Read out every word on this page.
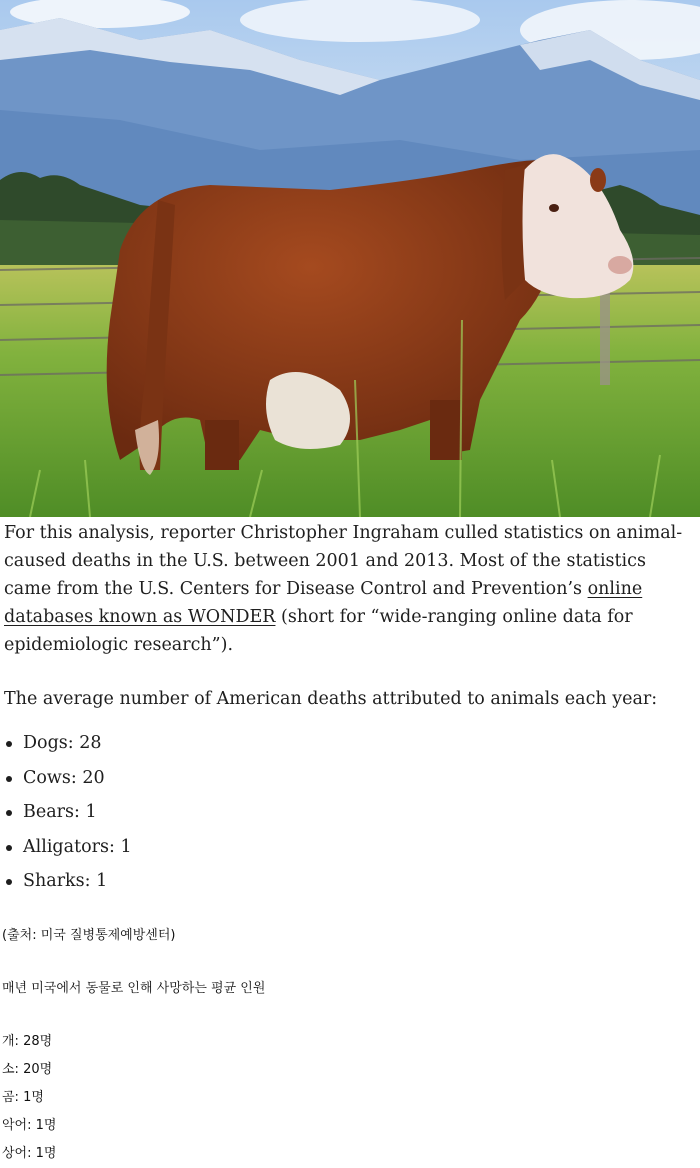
For this analysis, reporter Christopher Ingraham culled statistics on animal-caused deaths in the U.S. between 2001 and 2013. Most of the statistics came from the U.S. Centers for Disease Control and Prevention’s online databases known as WONDER (short for “wide-ranging online data for epidemiologic research”).

The average number of American deaths attributed to animals each year:

Dogs: 28
Cows: 20
Bears: 1
Alligators: 1
Sharks: 1

(출처: 미국 질병통제예방센터)

매년 미국에서 동물로 인해 사망하는 평균 인원

개: 28명

소: 20명

곰: 1명

악어: 1명

상어: 1명
